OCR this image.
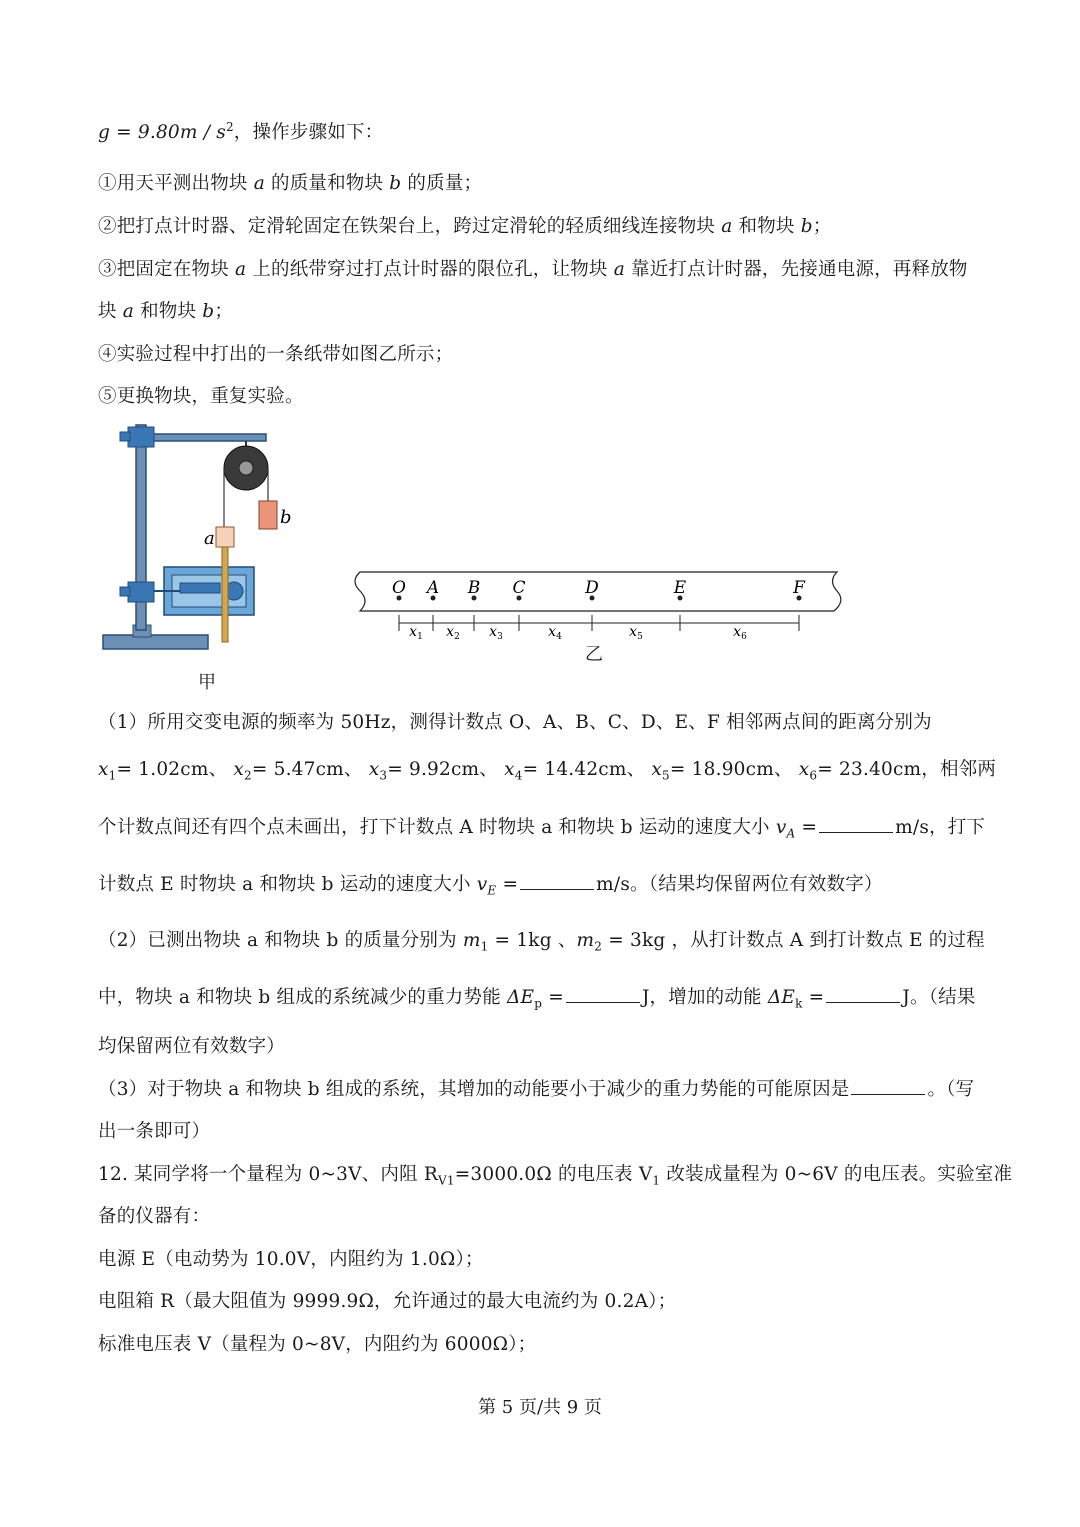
$g = 9.80m / s^2$，操作步骤如下：
①用天平测出物块 a 的质量和物块 b 的质量；
②把打点计时器、定滑轮固定在铁架台上，跨过定滑轮的轻质细线连接物块 a 和物块 b；
③把固定在物块 a 上的纸带穿过打点计时器的限位孔，让物块 a 靠近打点计时器，先接通电源，再释放物
块 a 和物块 b；
④实验过程中打出的一条纸带如图乙所示；
⑤更换物块，重复实验。
b
a
甲
O A B C	D	E	F
$x_1$ $x_2$ $x_3$	$x_4$	$x_5$	$x_6$
乙
（1）所用交变电源的频率为 50Hz，测得计数点 O、A、B、C、D、E、F 相邻两点间的距离分别为
$x_1= 1.02cm$、 $x_2= 5.47cm$、 $x_3= 9.92cm$、 $x_4= 14.42cm$、 $x_5= 18.90cm$、 $x_6= 23.40cm$，相邻两
个计数点间还有四个点未画出，打下计数点 A 时物块 a 和物块 b 运动的速度大小 $v_A$ =	m/s，打下
计数点 E 时物块 a 和物块 b 运动的速度大小 $v_E$ =	m/s。（结果均保留两位有效数字）
（2）已测出物块 a 和物块 b 的质量分别为 $m_1 = 1kg$ 、$m_2 = 3kg$ ，从打计数点 A 到打计数点 E 的过程
中，物块 a 和物块 b 组成的系统减少的重力势能 $\Delta E_p$ =	J，增加的动能 $\Delta E_k$ =	J。（结果
均保留两位有效数字）
（3）对于物块 a 和物块 b 组成的系统，其增加的动能要小于减少的重力势能的可能原因是	。（写
出一条即可）
12. 某同学将一个量程为 0~3V、内阻 $R_{V1}=3000.0\Omega$ 的电压表 $V_1$ 改装成量程为 0~6V 的电压表。实验室准
备的仪器有：
电源 E（电动势为 10.0V，内阻约为 1.0Ω）；
电阻箱 R（最大阻值为 9999.9Ω，允许通过的最大电流约为 0.2A）；
标准电压表 V（量程为 0~8V，内阻约为 6000Ω）；
第 5 页/共 9 页
